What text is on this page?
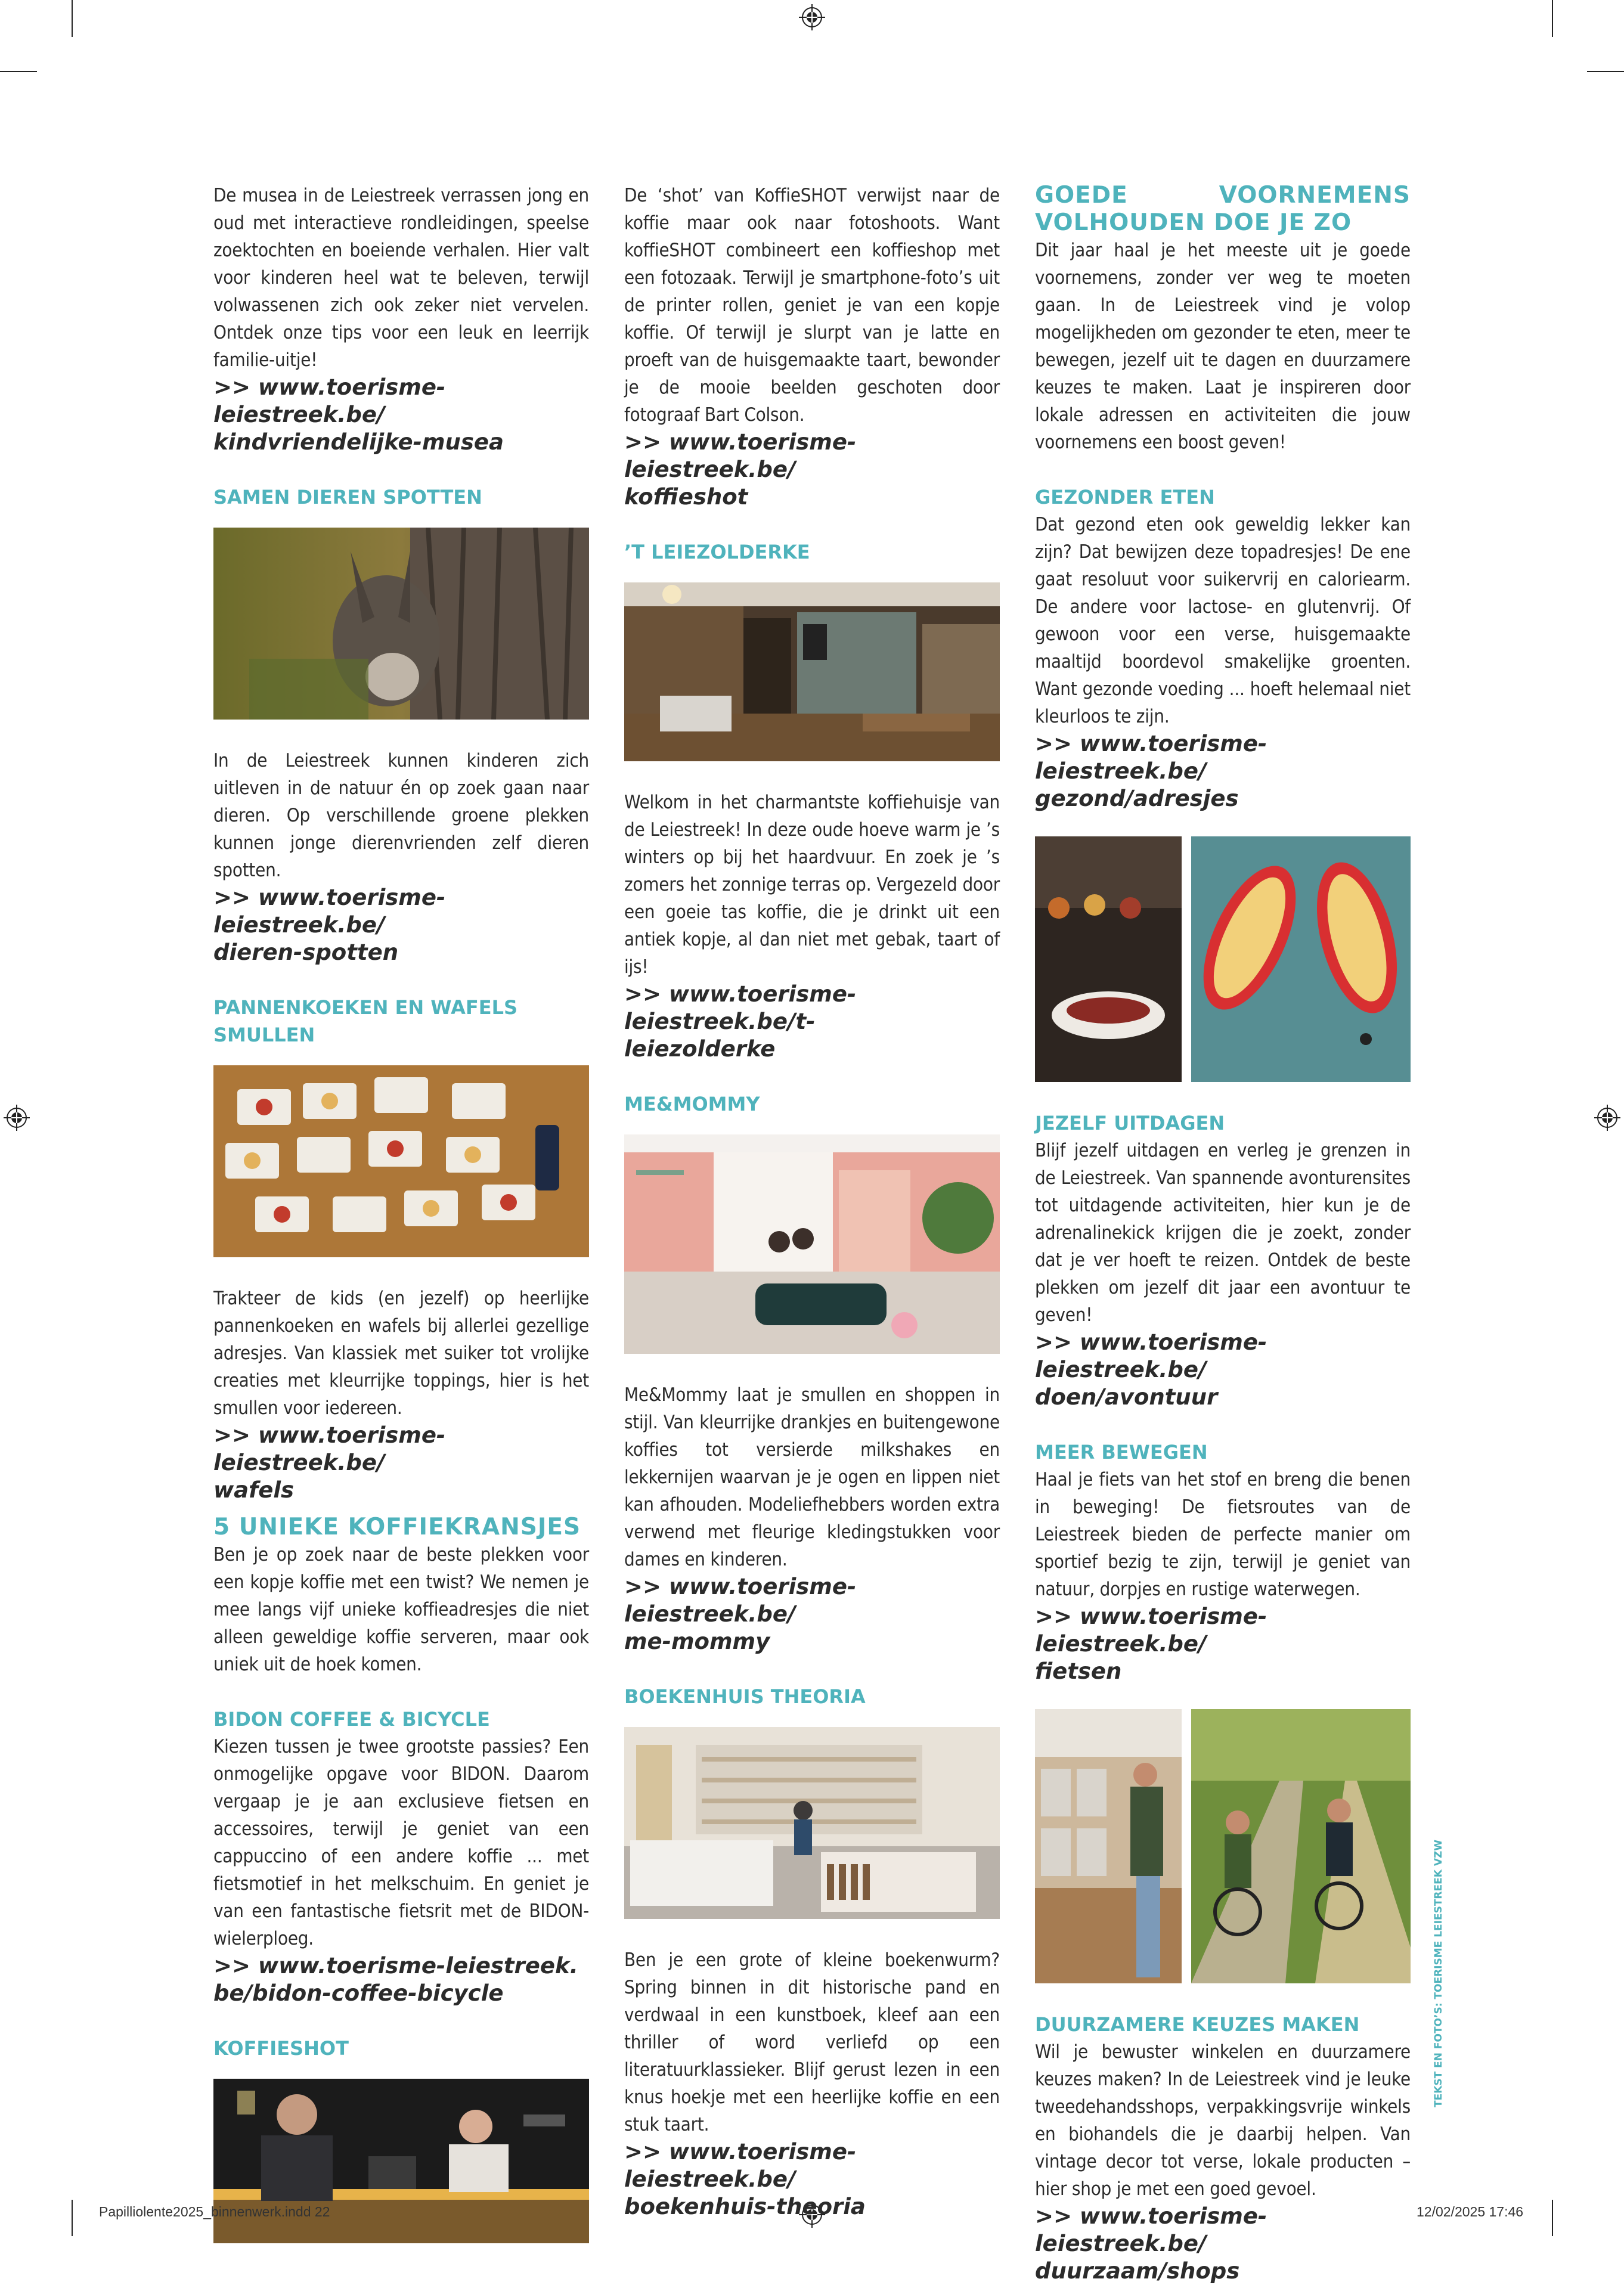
De musea in de Leiestreek verrassen jong en oud met interactieve rondleidingen, speelse zoektochten en boeiende verhalen. Hier valt voor kinderen heel wat te beleven, terwijl volwassenen zich ook zeker niet vervelen. Ontdek onze tips voor een leuk en leerrijk familie-uitje!

>> www.toerisme-leiestreek.be/
kindvriendelijke-musea

SAMEN DIEREN SPOTTEN

In de Leiestreek kunnen kinderen zich uitleven in de natuur én op zoek gaan naar dieren. Op verschillende groene plekken kunnen jonge dierenvrienden zelf dieren spotten.

>> www.toerisme-leiestreek.be/
dieren-spotten

PANNENKOEKEN EN WAFELS SMULLEN

Trakteer de kids (en jezelf) op heerlijke pannenkoeken en wafels bij allerlei gezellige adresjes. Van klassiek met suiker tot vrolijke creaties met kleurrijke toppings, hier is het smullen voor iedereen.

>> www.toerisme-leiestreek.be/
wafels

5 UNIEKE KOFFIEKRANSJES

Ben je op zoek naar de beste plekken voor een kopje koffie met een twist? We nemen je mee langs vijf unieke koffieadresjes die niet alleen geweldige koffie serveren, maar ook uniek uit de hoek komen.

BIDON COFFEE & BICYCLE

Kiezen tussen je twee grootste passies? Een onmogelijke opgave voor BIDON. Daarom vergaap je je aan exclusieve fietsen en accessoires, terwijl je geniet van een cappuccino of een andere koffie ... met fietsmotief in het melkschuim. En geniet je van een fantastische fietsrit met de BIDON-wielerploeg.

>> www.toerisme-leiestreek.be/bidon-coffee-bicycle

KOFFIESHOT

De ‘shot’ van KoffieSHOT verwijst naar de koffie maar ook naar fotoshoots. Want koffieSHOT combineert een koffieshop met een fotozaak. Terwijl je smartphone-foto’s uit de printer rollen, geniet je van een kopje koffie. Of terwijl je slurpt van je latte en proeft van de huisgemaakte taart, bewonder je de mooie beelden geschoten door fotograaf Bart Colson.

>> www.toerisme-leiestreek.be/
koffieshot

’T LEIEZOLDERKE

Welkom in het charmantste koffiehuisje van de Leiestreek! In deze oude hoeve warm je ’s winters op bij het haardvuur. En zoek je ’s zomers het zonnige terras op. Vergezeld door een goeie tas koffie, die je drinkt uit een antiek kopje, al dan niet met gebak, taart of ijs!

>> www.toerisme-leiestreek.be/t-
leiezolderke

ME&MOMMY

Me&Mommy laat je smullen en shoppen in stijl. Van kleurrijke drankjes en buitengewone koffies tot versierde milkshakes en lekkernijen waarvan je je ogen en lippen niet kan afhouden. Modeliefhebbers worden extra verwend met fleurige kledingstukken voor dames en kinderen.

>> www.toerisme-leiestreek.be/
me-mommy

BOEKENHUIS THEORIA

Ben je een grote of kleine boekenwurm? Spring binnen in dit historische pand en verdwaal in een kunstboek, kleef aan een thriller of word verliefd op een literatuurklassieker. Blijf gerust lezen in een knus hoekje met een heerlijke koffie en een stuk taart.

>> www.toerisme-leiestreek.be/
boekenhuis-theoria

GOEDE VOORNEMENS VOLHOUDEN DOE JE ZO

Dit jaar haal je het meeste uit je goede voornemens, zonder ver weg te moeten gaan. In de Leiestreek vind je volop mogelijkheden om gezonder te eten, meer te bewegen, jezelf uit te dagen en duurzamere keuzes te maken. Laat je inspireren door lokale adressen en activiteiten die jouw voornemens een boost geven!

GEZONDER ETEN

Dat gezond eten ook geweldig lekker kan zijn? Dat bewijzen deze topadresjes! De ene gaat resoluut voor suikervrij en caloriearm. De andere voor lactose- en glutenvrij. Of gewoon voor een verse, huisgemaakte maaltijd boordevol smakelijke groenten. Want gezonde voeding ... hoeft helemaal niet kleurloos te zijn.

>> www.toerisme-leiestreek.be/
gezond/adresjes

JEZELF UITDAGEN

Blijf jezelf uitdagen en verleg je grenzen in de Leiestreek. Van spannende avonturensites tot uitdagende activiteiten, hier kun je de adrenalinekick krijgen die je zoekt, zonder dat je ver hoeft te reizen. Ontdek de beste plekken om jezelf dit jaar een avontuur te geven!

>> www.toerisme-leiestreek.be/
doen/avontuur

MEER BEWEGEN

Haal je fiets van het stof en breng die benen in beweging! De fietsroutes van de Leiestreek bieden de perfecte manier om sportief bezig te zijn, terwijl je geniet van natuur, dorpjes en rustige waterwegen.

>> www.toerisme-leiestreek.be/
fietsen

DUURZAMERE KEUZES MAKEN

Wil je bewuster winkelen en duurzamere keuzes maken? In de Leiestreek vind je leuke tweedehandsshops, verpakkingsvrije winkels en biohandels die je daarbij helpen. Van vintage decor tot verse, lokale producten – hier shop je met een goed gevoel.

>> www.toerisme-leiestreek.be/
duurzaam/shops

TEKST EN FOTO’S: TOERISME LEIESTREEK VZW
Papilliolente2025_binnenwerk.indd 22	12/02/2025 17:46
